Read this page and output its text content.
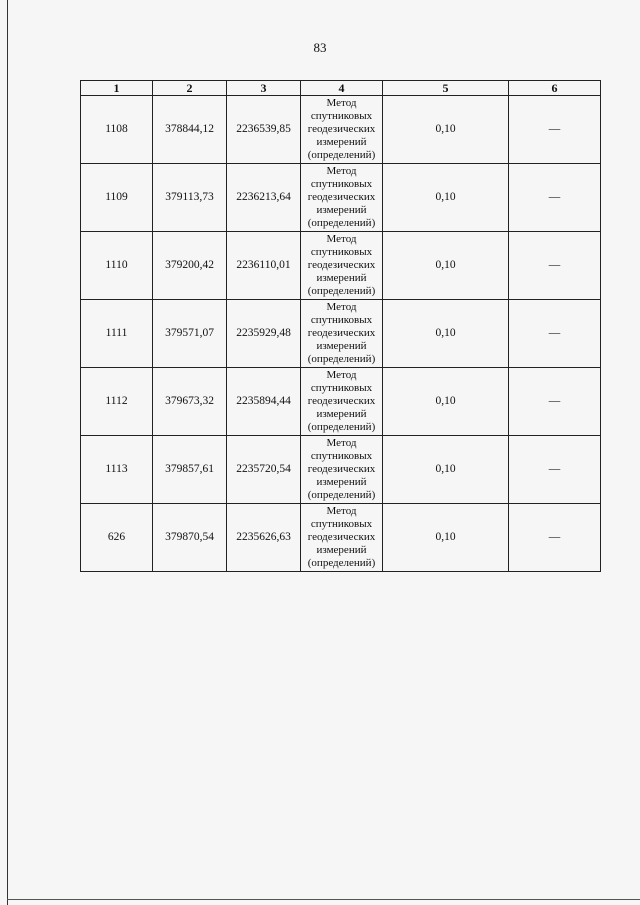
83
1	2	3	4	5	6
1108	378844,12	2236539,85	Метод
спутниковых
геодезических
измерений
(определений)	0,10	—
1109	379113,73	2236213,64	Метод
спутниковых
геодезических
измерений
(определений)	0,10	—
1110	379200,42	2236110,01	Метод
спутниковых
геодезических
измерений
(определений)	0,10	—
1111	379571,07	2235929,48	Метод
спутниковых
геодезических
измерений
(определений)	0,10	—
1112	379673,32	2235894,44	Метод
спутниковых
геодезических
измерений
(определений)	0,10	—
1113	379857,61	2235720,54	Метод
спутниковых
геодезических
измерений
(определений)	0,10	—
626	379870,54	2235626,63	Метод
спутниковых
геодезических
измерений
(определений)	0,10	—
